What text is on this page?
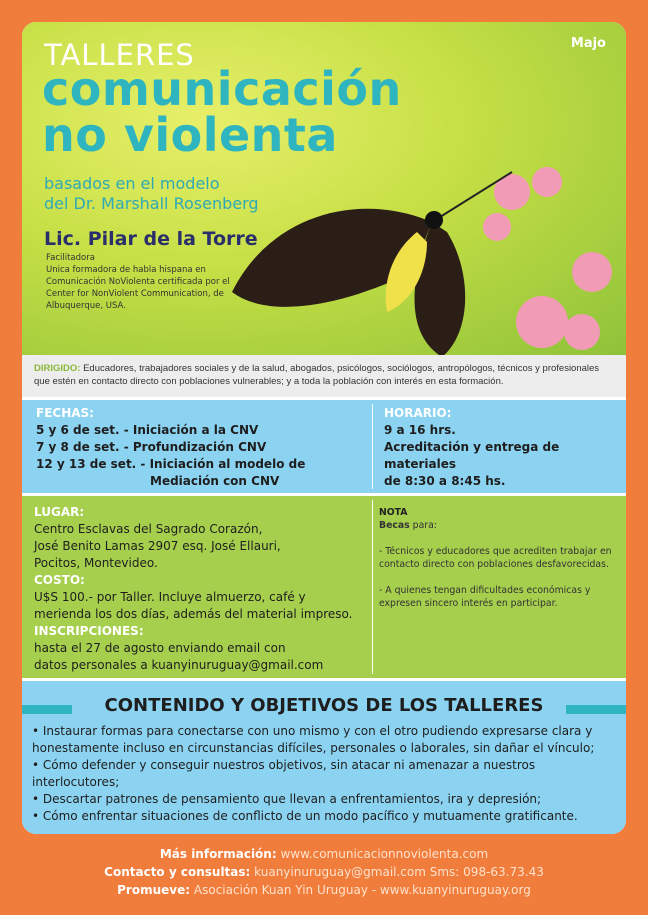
TALLERES
comunicación
no violenta
basados en el modelo
del Dr. Marshall Rosenberg
Lic. Pilar de la Torre
Facilitadora
Unica formadora de habla hispana en Comunicación NoViolenta certificada por el Center for NonViolent Communication, de Albuquerque, USA.
Majo
DIRIGIDO: Educadores, trabajadores sociales y de la salud, abogados, psicólogos, sociólogos, antropólogos, técnicos y profesionales que estén en contacto directo con poblaciones vulnerables; y a toda la población con interés en esta formación.
FECHAS:
5 y 6 de set. - Iniciación a la CNV
7 y 8 de set. - Profundización CNV
12 y 13 de set. - Iniciación al modelo de
Mediación con CNV
HORARIO:
9 a 16 hrs.
Acreditación y entrega de materiales
de 8:30 a 8:45 hs.
LUGAR:
Centro Esclavas del Sagrado Corazón,
José Benito Lamas 2907 esq. José Ellauri,
Pocitos, Montevideo.
COSTO:
U$S 100.- por Taller. Incluye almuerzo, café y
merienda los dos días, además del material impreso.
INSCRIPCIONES:
hasta el 27 de agosto enviando email con
datos personales a kuanyinuruguay@gmail.com
NOTA
Becas para:
- Técnicos y educadores que acrediten trabajar en contacto directo con poblaciones desfavorecidas.
- A quienes tengan dificultades económicas y expresen sincero interés en participar.
CONTENIDO Y OBJETIVOS DE LOS TALLERES
• Instaurar formas para conectarse con uno mismo y con el otro pudiendo expresarse clara y honestamente incluso en circunstancias difíciles, personales o laborales, sin dañar el vínculo;
• Cómo defender y conseguir nuestros objetivos, sin atacar ni amenazar a nuestros interlocutores;
• Descartar patrones de pensamiento que llevan a enfrentamientos, ira y depresión;
• Cómo enfrentar situaciones de conflicto de un modo pacífico y mutuamente gratificante.
Más información: www.comunicacionnoviolenta.com
Contacto y consultas: kuanyinuruguay@gmail.com Sms: 098-63.73.43
Promueve: Asociación Kuan Yin Uruguay - www.kuanyinuruguay.org
